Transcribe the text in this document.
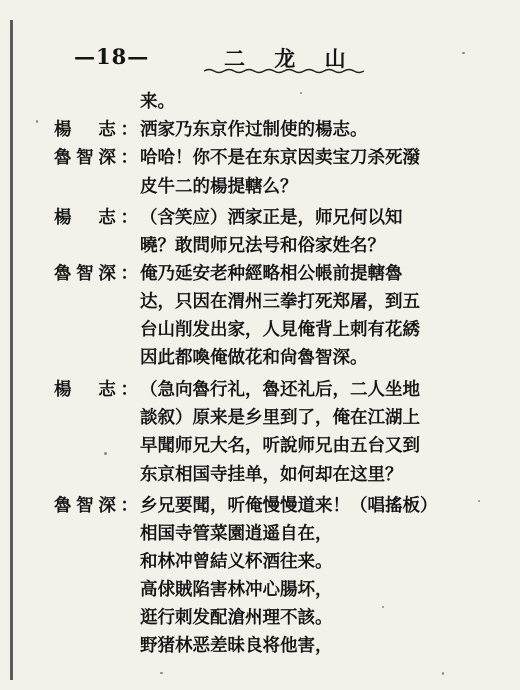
—18—	二 龙 山
来。
楊　志： 洒家乃东京作过制使的楊志。
魯智深： 哈哈！你不是在东京因卖宝刀杀死潑
皮牛二的楊提轄么？
楊　志： （含笑应）洒家正是，师兄何以知
曉？敢問师兄法号和俗家姓名？
魯智深： 俺乃延安老种經略相公帳前提轄魯
达，只因在渭州三拳打死郑屠，到五
台山削发出家，人見俺背上刺有花綉
因此都喚俺做花和尙魯智深。
楊　志： （急向魯行礼，魯还礼后，二人坐地
談叙）原来是乡里到了，俺在江湖上
早聞师兄大名，听說师兄由五台又到
东京相国寺挂单，如何却在这里？
魯智深： 乡兄要聞，听俺慢慢道来！（唱搖板）
相国寺管菜園逍遥自在，
和林冲曾結义杯酒往来。
高俅賊陷害林冲心腸坏，
逛行刺发配滄州理不該。
野猪林恶差昧良将他害，
